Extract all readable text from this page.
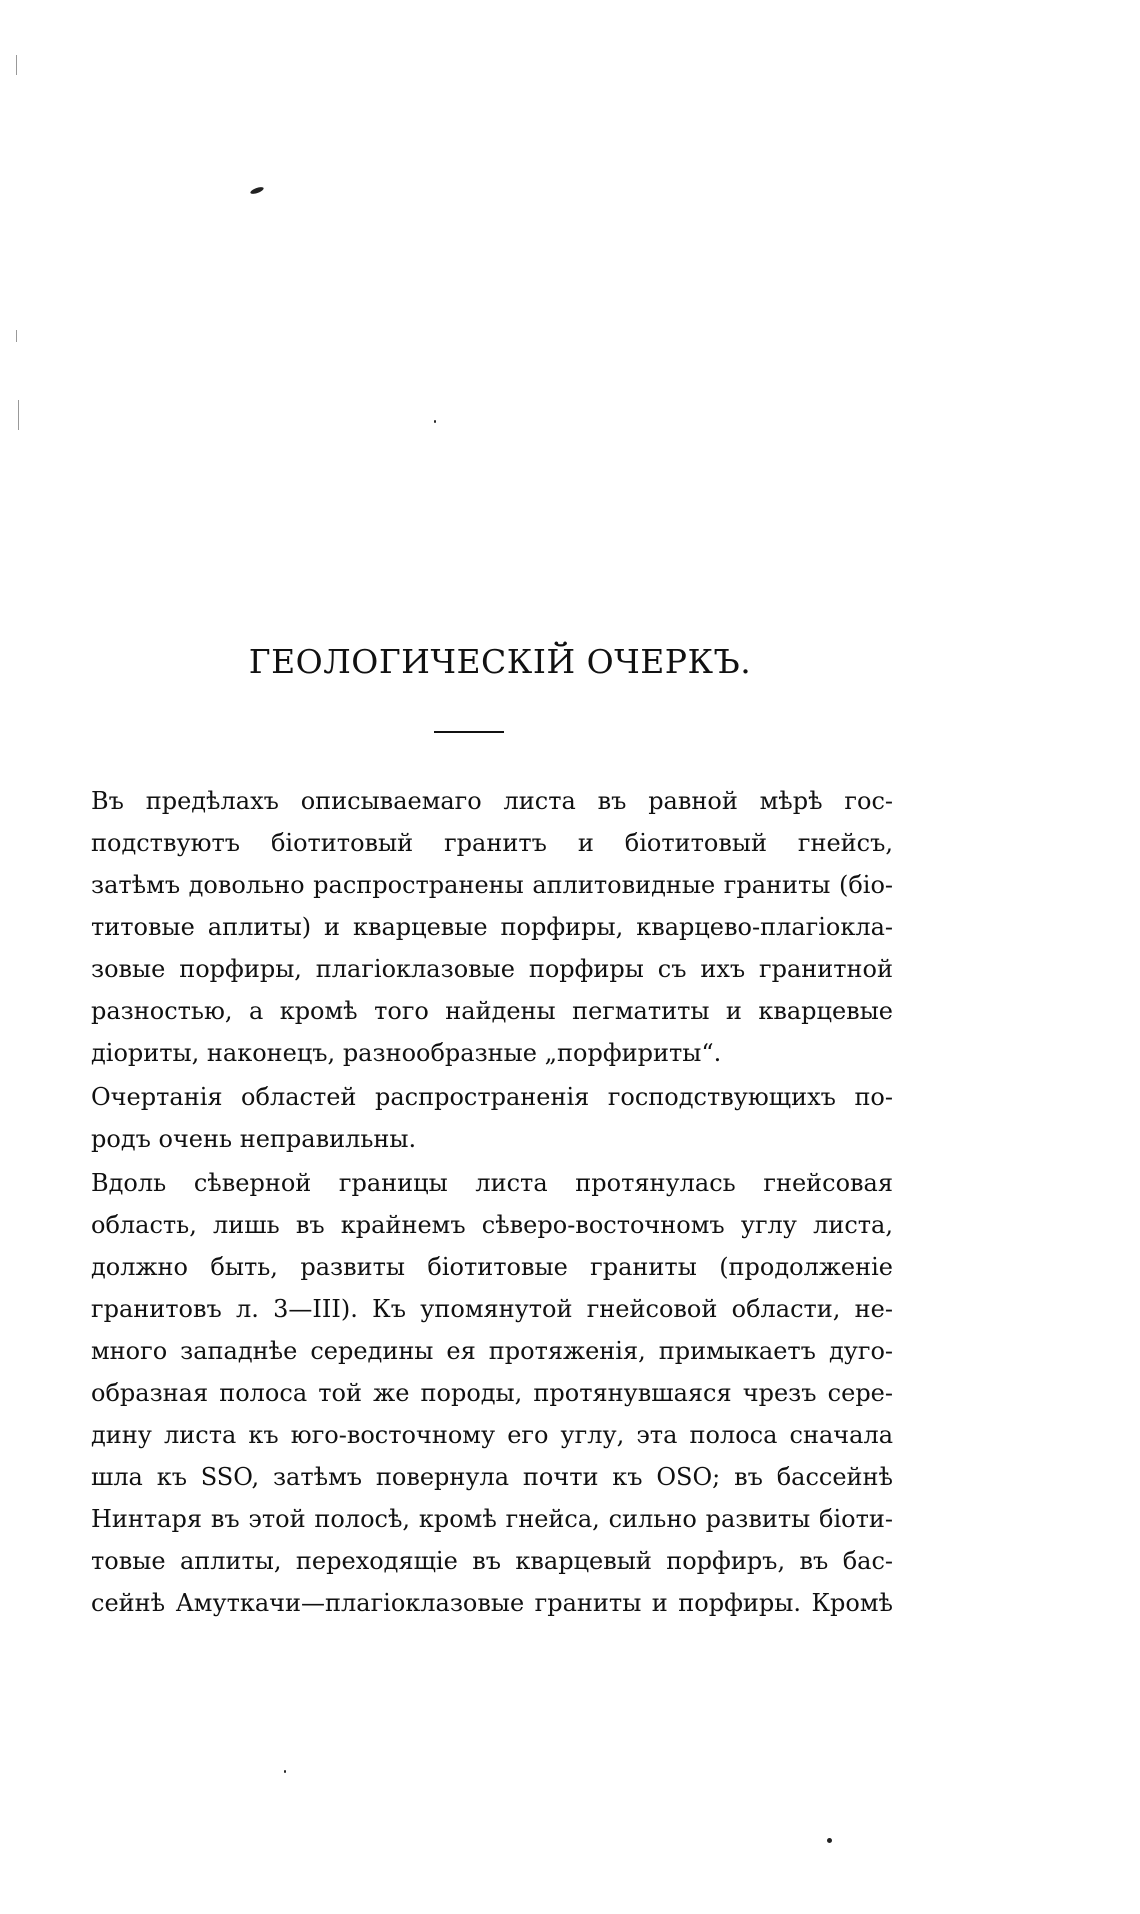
ГЕОЛОГИЧЕСКІЙ ОЧЕРКЪ.
Въ предѣлахъ описываемаго листа въ равной мѣрѣ гос-
подствуютъ біотитовый гранитъ и біотитовый гнейсъ,
затѣмъ довольно распространены аплитовидные граниты (біо-
титовые аплиты) и кварцевые порфиры, кварцево-плагіокла-
зовые порфиры, плагіоклазовые порфиры съ ихъ гранитной
разностью, а кромѣ того найдены пегматиты и кварцевые
діориты, наконецъ, разнообразные „порфириты“.
Очертанія областей распространенія господствующихъ по-
родъ очень неправильны.
Вдоль сѣверной границы листа протянулась гнейсовая
область, лишь въ крайнемъ сѣверо-восточномъ углу листа,
должно быть, развиты біотитовые граниты (продолженіе
гранитовъ л. 3—III). Къ упомянутой гнейсовой области, не-
много западнѣе середины ея протяженія, примыкаетъ дуго-
образная полоса той же породы, протянувшаяся чрезъ сере-
дину листа къ юго-восточному его углу, эта полоса сначала
шла къ SSO, затѣмъ повернула почти къ OSO; въ бассейнѣ
Нинтаря въ этой полосѣ, кромѣ гнейса, сильно развиты біоти-
товые аплиты, переходящіе въ кварцевый порфиръ, въ бас-
сейнѣ Амуткачи—плагіоклазовые граниты и порфиры. Кромѣ
